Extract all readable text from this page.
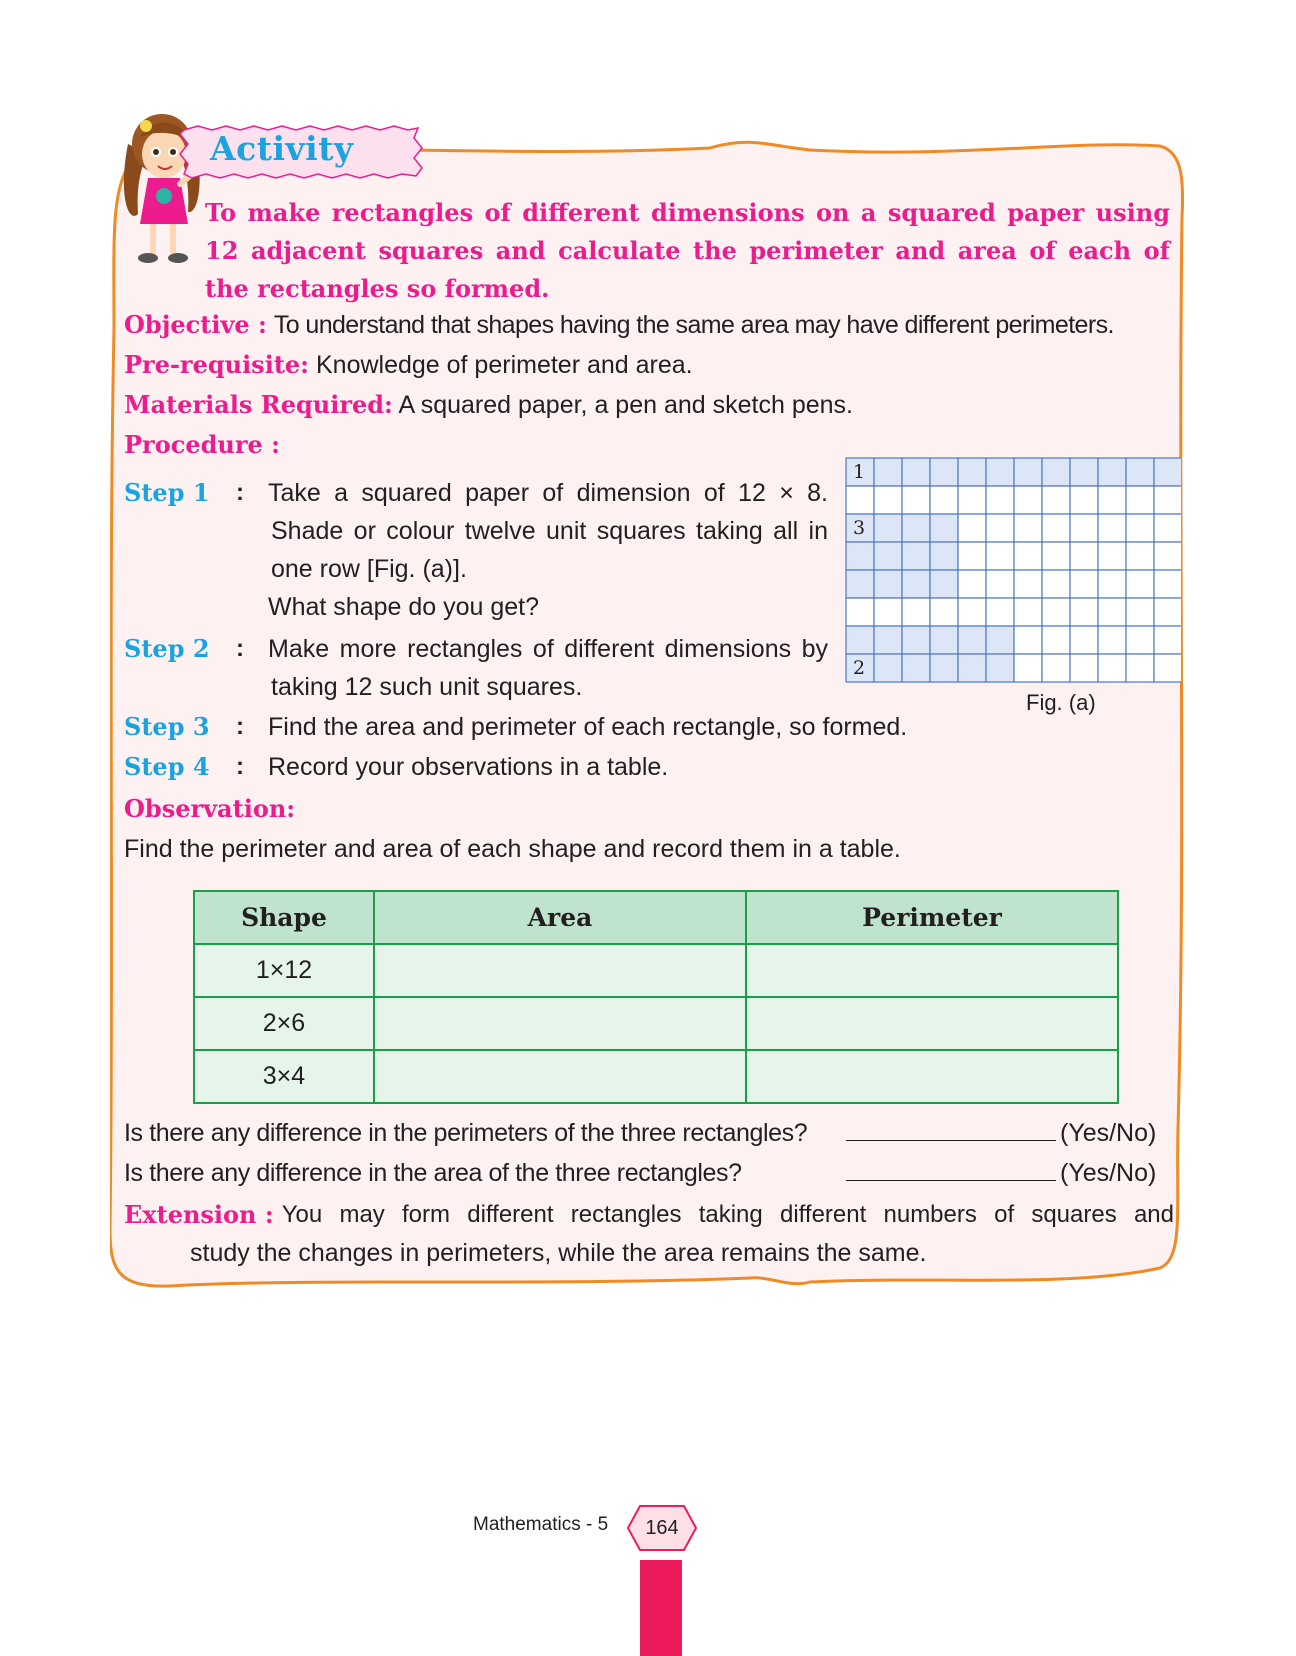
Activity
To make rectangles of different dimensions on a squared paper using 12 adjacent squares and calculate the perimeter and area of each of the rectangles so formed.
Objective : To understand that shapes having the same area may have different perimeters.
Pre-requisite: Knowledge of perimeter and area.
Materials Required: A squared paper, a pen and sketch pens.
Procedure :
Step 1 : Take a squared paper of dimension of 12 × 8.
Shade or colour twelve unit squares taking all in
one row [Fig. (a)].
What shape do you get?
Step 2 : Make more rectangles of different dimensions by
taking 12 such unit squares.
Step 3 : Find the area and perimeter of each rectangle, so formed.
Step 4 : Record your observations in a table.
1
3
2
Fig. (a)
Observation:
Find the perimeter and area of each shape and record them in a table.
Shape	Area	Perimeter
1×12		
2×6		
3×4		
Is there any difference in the perimeters of the three rectangles?	(Yes/No)
Is there any difference in the area of the three rectangles?	(Yes/No)
Extension : You may form different rectangles taking different numbers of squares and
study the changes in perimeters, while the area remains the same.
Mathematics - 5	164
